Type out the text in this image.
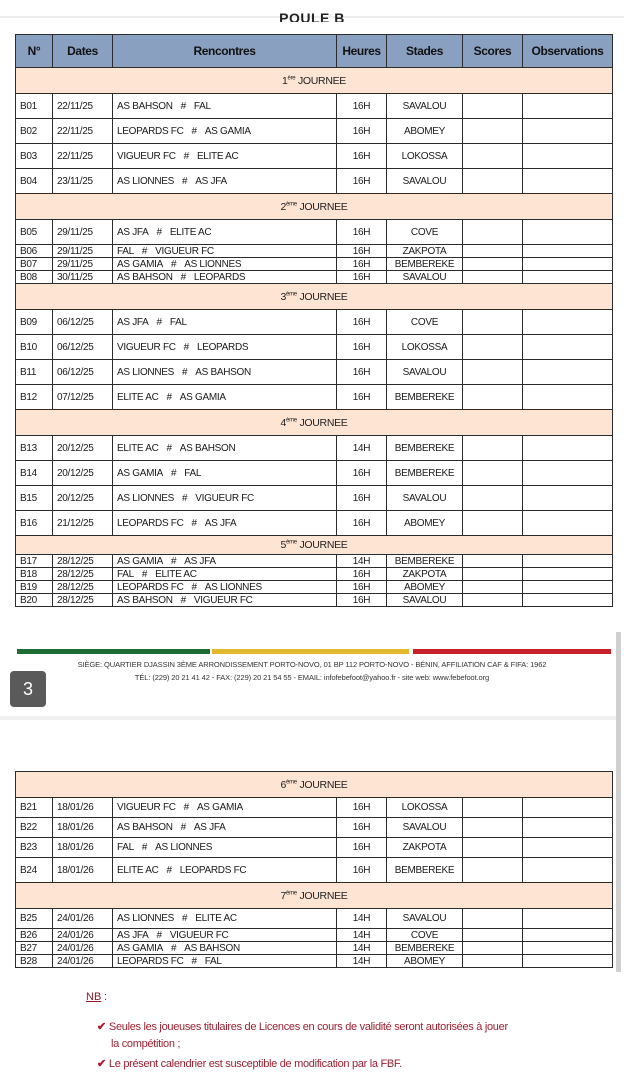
POULE B
N°	Dates	Rencontres	Heures	Stades	Scores	Observations
1ère JOURNEE						
B01	22/11/25	AS BAHSON # FAL	16H	SAVALOU		
B02	22/11/25	LEOPARDS FC # AS GAMIA	16H	ABOMEY		
B03	22/11/25	VIGUEUR FC # ELITE AC	16H	LOKOSSA		
B04	23/11/25	AS LIONNES # AS JFA	16H	SAVALOU		
2ème JOURNEE						
B05	29/11/25	AS JFA # ELITE AC	16H	COVE		
B06	29/11/25	FAL # VIGUEUR FC	16H	ZAKPOTA		
B07	29/11/25	AS GAMIA # AS LIONNES	16H	BEMBEREKE		
B08	30/11/25	AS BAHSON # LEOPARDS	16H	SAVALOU		
3ème JOURNEE						
B09	06/12/25	AS JFA # FAL	16H	COVE		
B10	06/12/25	VIGUEUR FC # LEOPARDS	16H	LOKOSSA		
B11	06/12/25	AS LIONNES # AS BAHSON	16H	SAVALOU		
B12	07/12/25	ELITE AC # AS GAMIA	16H	BEMBEREKE		
4ème JOURNEE						
B13	20/12/25	ELITE AC # AS BAHSON	14H	BEMBEREKE		
B14	20/12/25	AS GAMIA # FAL	16H	BEMBEREKE		
B15	20/12/25	AS LIONNES # VIGUEUR FC	16H	SAVALOU		
B16	21/12/25	LEOPARDS FC # AS JFA	16H	ABOMEY		
5ème JOURNEE						
B17	28/12/25	AS GAMIA # AS JFA	14H	BEMBEREKE		
B18	28/12/25	FAL # ELITE AC	16H	ZAKPOTA		
B19	28/12/25	LEOPARDS FC # AS LIONNES	16H	ABOMEY		
B20	28/12/25	AS BAHSON # VIGUEUR FC	16H	SAVALOU		
SIÈGE: QUARTIER DJASSIN 3ÈME ARRONDISSEMENT PORTO-NOVO, 01 BP 112 PORTO-NOVO - BÉNIN, AFFILIATION CAF & FIFA: 1962
TÉL: (229) 20 21 41 42 - FAX: (229) 20 21 54 55 - EMAIL: infofebefoot@yahoo.fr - site web: www.febefoot.org
3
6ème JOURNEE						
B21	18/01/26	VIGUEUR FC # AS GAMIA	16H	LOKOSSA		
B22	18/01/26	AS BAHSON # AS JFA	16H	SAVALOU		
B23	18/01/26	FAL # AS LIONNES	16H	ZAKPOTA		
B24	18/01/26	ELITE AC # LEOPARDS FC	16H	BEMBEREKE		
7ème JOURNEE						
B25	24/01/26	AS LIONNES # ELITE AC	14H	SAVALOU		
B26	24/01/26	AS JFA # VIGUEUR FC	14H	COVE		
B27	24/01/26	AS GAMIA # AS BAHSON	14H	BEMBEREKE		
B28	24/01/26	LEOPARDS FC # FAL	14H	ABOMEY		
NB :
✔ Seules les joueuses titulaires de Licences en cours de validité seront autorisées à jouer
la compétition ;
✔ Le présent calendrier est susceptible de modification par la FBF.
